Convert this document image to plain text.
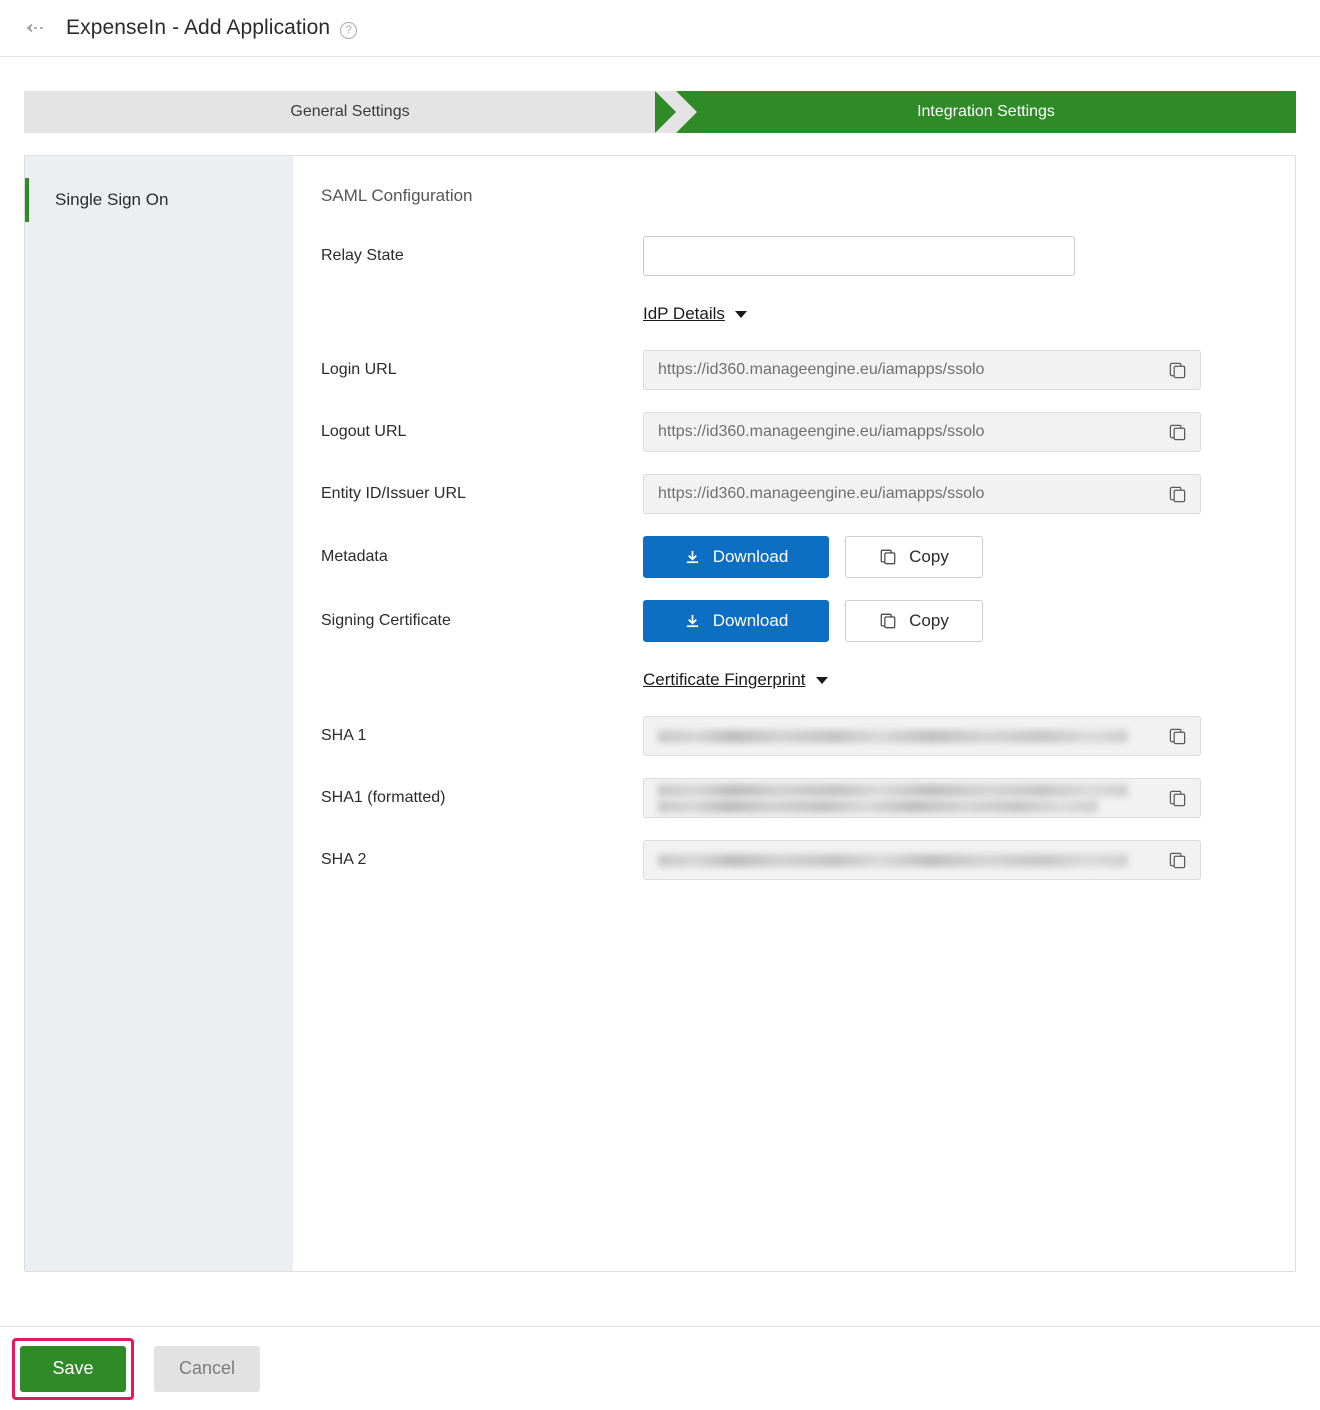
ExpenseIn - Add Application	?
General Settings	Integration Settings
Single Sign On	SAML Configuration
Relay State
IdP Details
Login URL	https://id360.manageengine.eu/iamapps/ssolo
Logout URL	https://id360.manageengine.eu/iamapps/ssolo
Entity ID/Issuer URL	https://id360.manageengine.eu/iamapps/ssolo
Metadata	Download	Copy
Signing Certificate	Download	Copy
Certificate Fingerprint
SHA 1
SHA1 (formatted)
SHA 2
Save	Cancel
